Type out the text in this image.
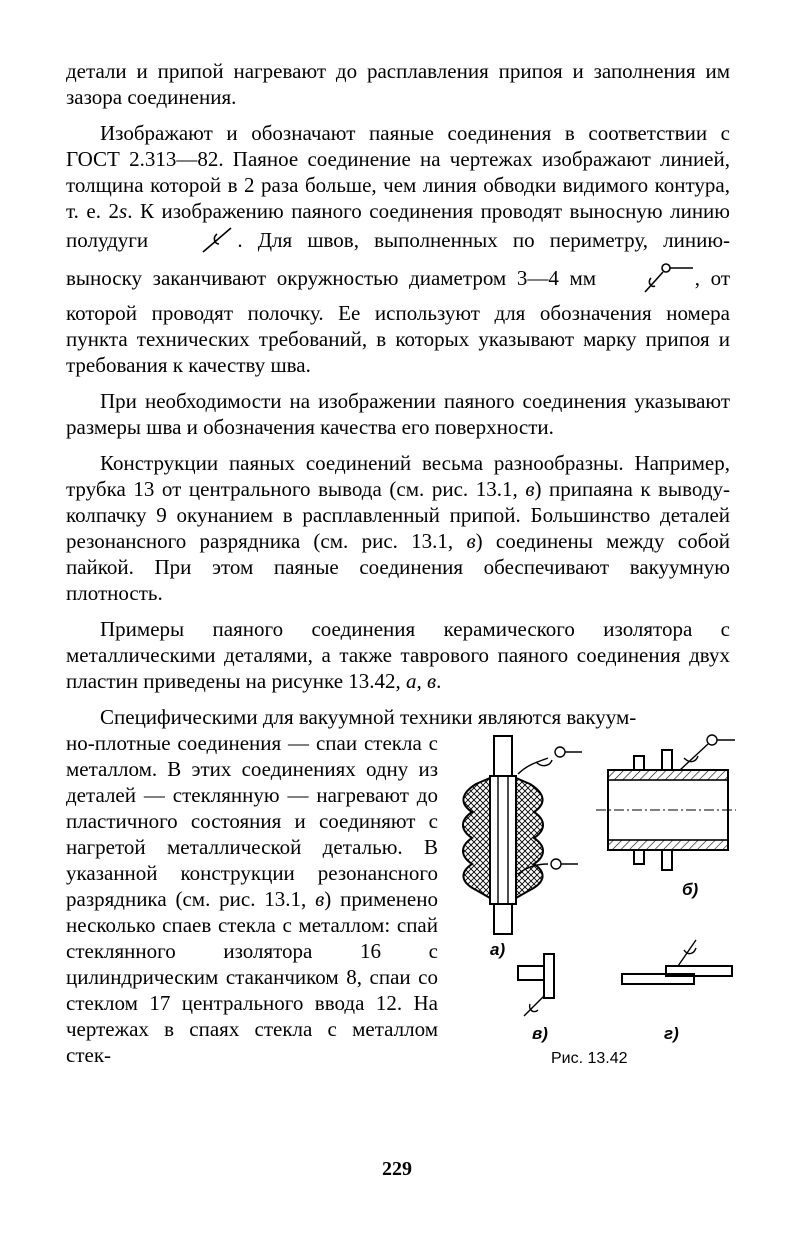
детали и припой нагревают до расплавления припоя и заполнения им зазора соединения.

Изображают и обозначают паяные соединения в соответствии с ГОСТ 2.313—82. Паяное соединение на чертежах изображают линией, толщина которой в 2 раза больше, чем линия обводки видимого контура, т. е. 2s. К изображению паяного соединения проводят выносную линию полудуги	. Для швов, выполненных по периметру, линию-выноску заканчивают окружностью диаметром 3—4 мм	, от которой проводят полочку. Ее используют для обозначения номера пункта технических требований, в которых указывают марку припоя и требования к качеству шва.

При необходимости на изображении паяного соединения указывают размеры шва и обозначения качества его поверхности.

Конструкции паяных соединений весьма разнообразны. Например, трубка 13 от центрального вывода (см. рис. 13.1, в) припаяна к выводу-колпачку 9 окунанием в расплавленный припой. Большинство деталей резонансного разрядника (см. рис. 13.1, в) соединены между собой пайкой. При этом паяные соединения обеспечивают вакуумную плотность.

Примеры паяного соединения керамического изолятора с металлическими деталями, а также таврового паяного соединения двух пластин приведены на рисунке 13.42, а, в.

Специфическими для вакуумной техники являются вакуум-

но-плотные соединения — спаи стекла с металлом. В этих соединениях одну из деталей — стеклянную — нагревают до пластичного состояния и соединяют с нагретой металлической деталью. В указанной конструкции резонансного разрядника (см. рис. 13.1, в) применено несколько спаев стекла с металлом: спай стеклянного изолятора 16 с цилиндрическим стаканчиком 8, спаи со стеклом 17 центрального ввода 12. На чертежах в спаях стекла с металлом стек-
а)
б)
в)	г)
Рис. 13.42
229
